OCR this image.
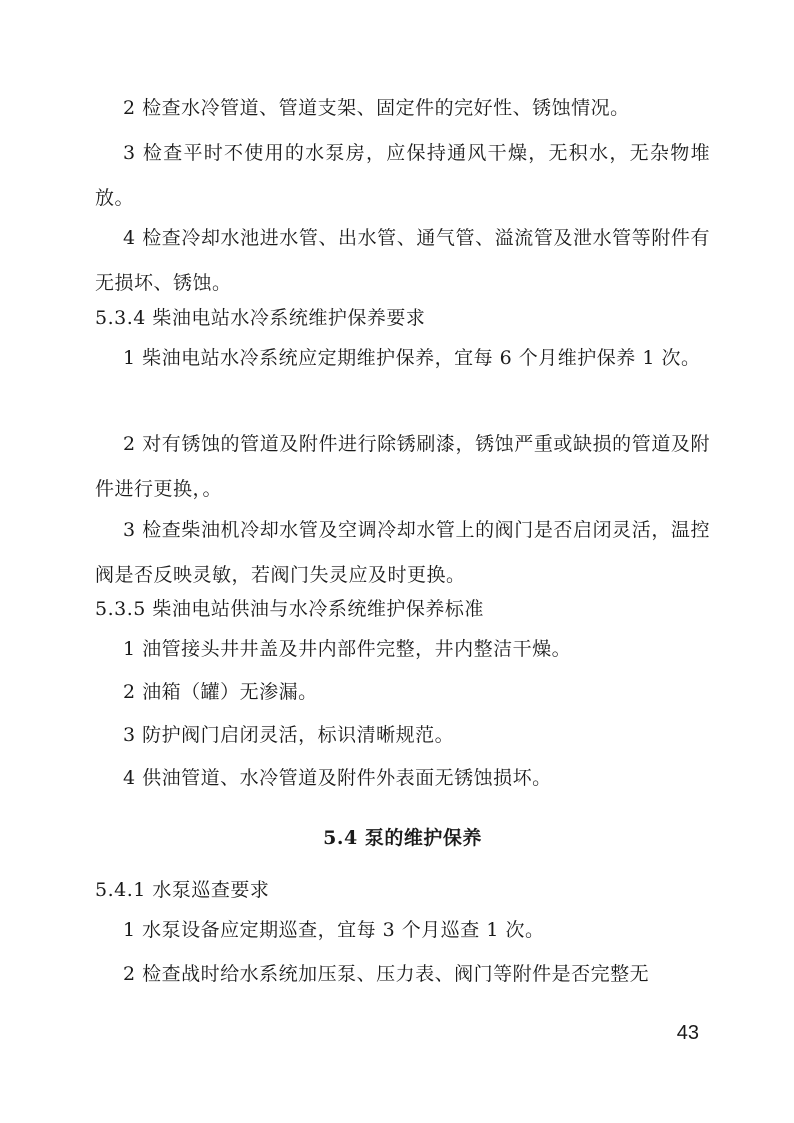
2 检查水冷管道、管道支架、固定件的完好性、锈蚀情况。

3 检查平时不使用的水泵房，应保持通风干燥，无积水，无杂物堆放。

4 检查冷却水池进水管、出水管、通气管、溢流管及泄水管等附件有无损坏、锈蚀。

5.3.4 柴油电站水冷系统维护保养要求

1 柴油电站水冷系统应定期维护保养，宜每 6 个月维护保养 1 次。

2 对有锈蚀的管道及附件进行除锈刷漆，锈蚀严重或缺损的管道及附件进行更换，。

3 检查柴油机冷却水管及空调冷却水管上的阀门是否启闭灵活，温控阀是否反映灵敏，若阀门失灵应及时更换。

5.3.5 柴油电站供油与水冷系统维护保养标准

1 油管接头井井盖及井内部件完整，井内整洁干燥。

2 油箱（罐）无渗漏。

3 防护阀门启闭灵活，标识清晰规范。

4 供油管道、水冷管道及附件外表面无锈蚀损坏。

5.4 泵的维护保养
5.4.1 水泵巡查要求

1 水泵设备应定期巡查，宜每 3 个月巡查 1 次。

2 检查战时给水系统加压泵、压力表、阀门等附件是否完整无

43
